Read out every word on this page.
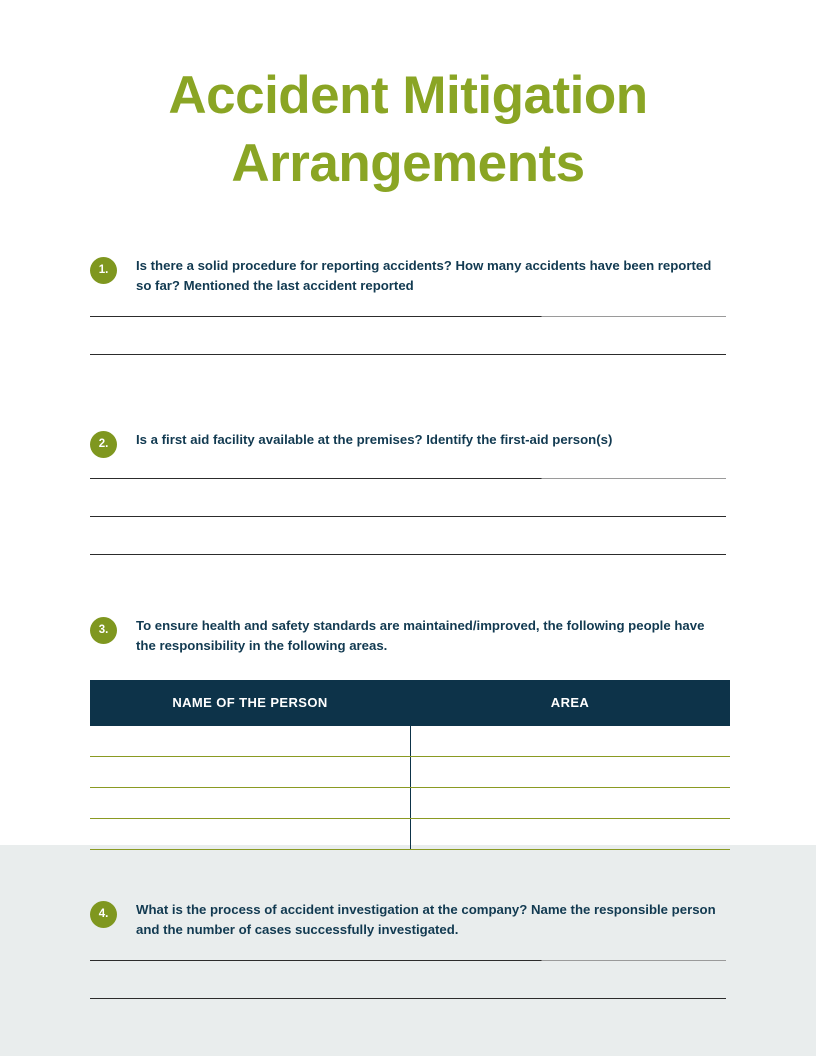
Accident Mitigation Arrangements
1.	Is there a solid procedure for reporting accidents? How many accidents have been reported so far? Mentioned the last accident reported
2.	Is a first aid facility available at the premises? Identify the first-aid person(s)
3.	To ensure health and safety standards are maintained/improved, the following people have the responsibility in the following areas.
NAME OF THE PERSON	AREA

4.	What is the process of accident investigation at the company? Name the responsible person and the number of cases successfully investigated.
